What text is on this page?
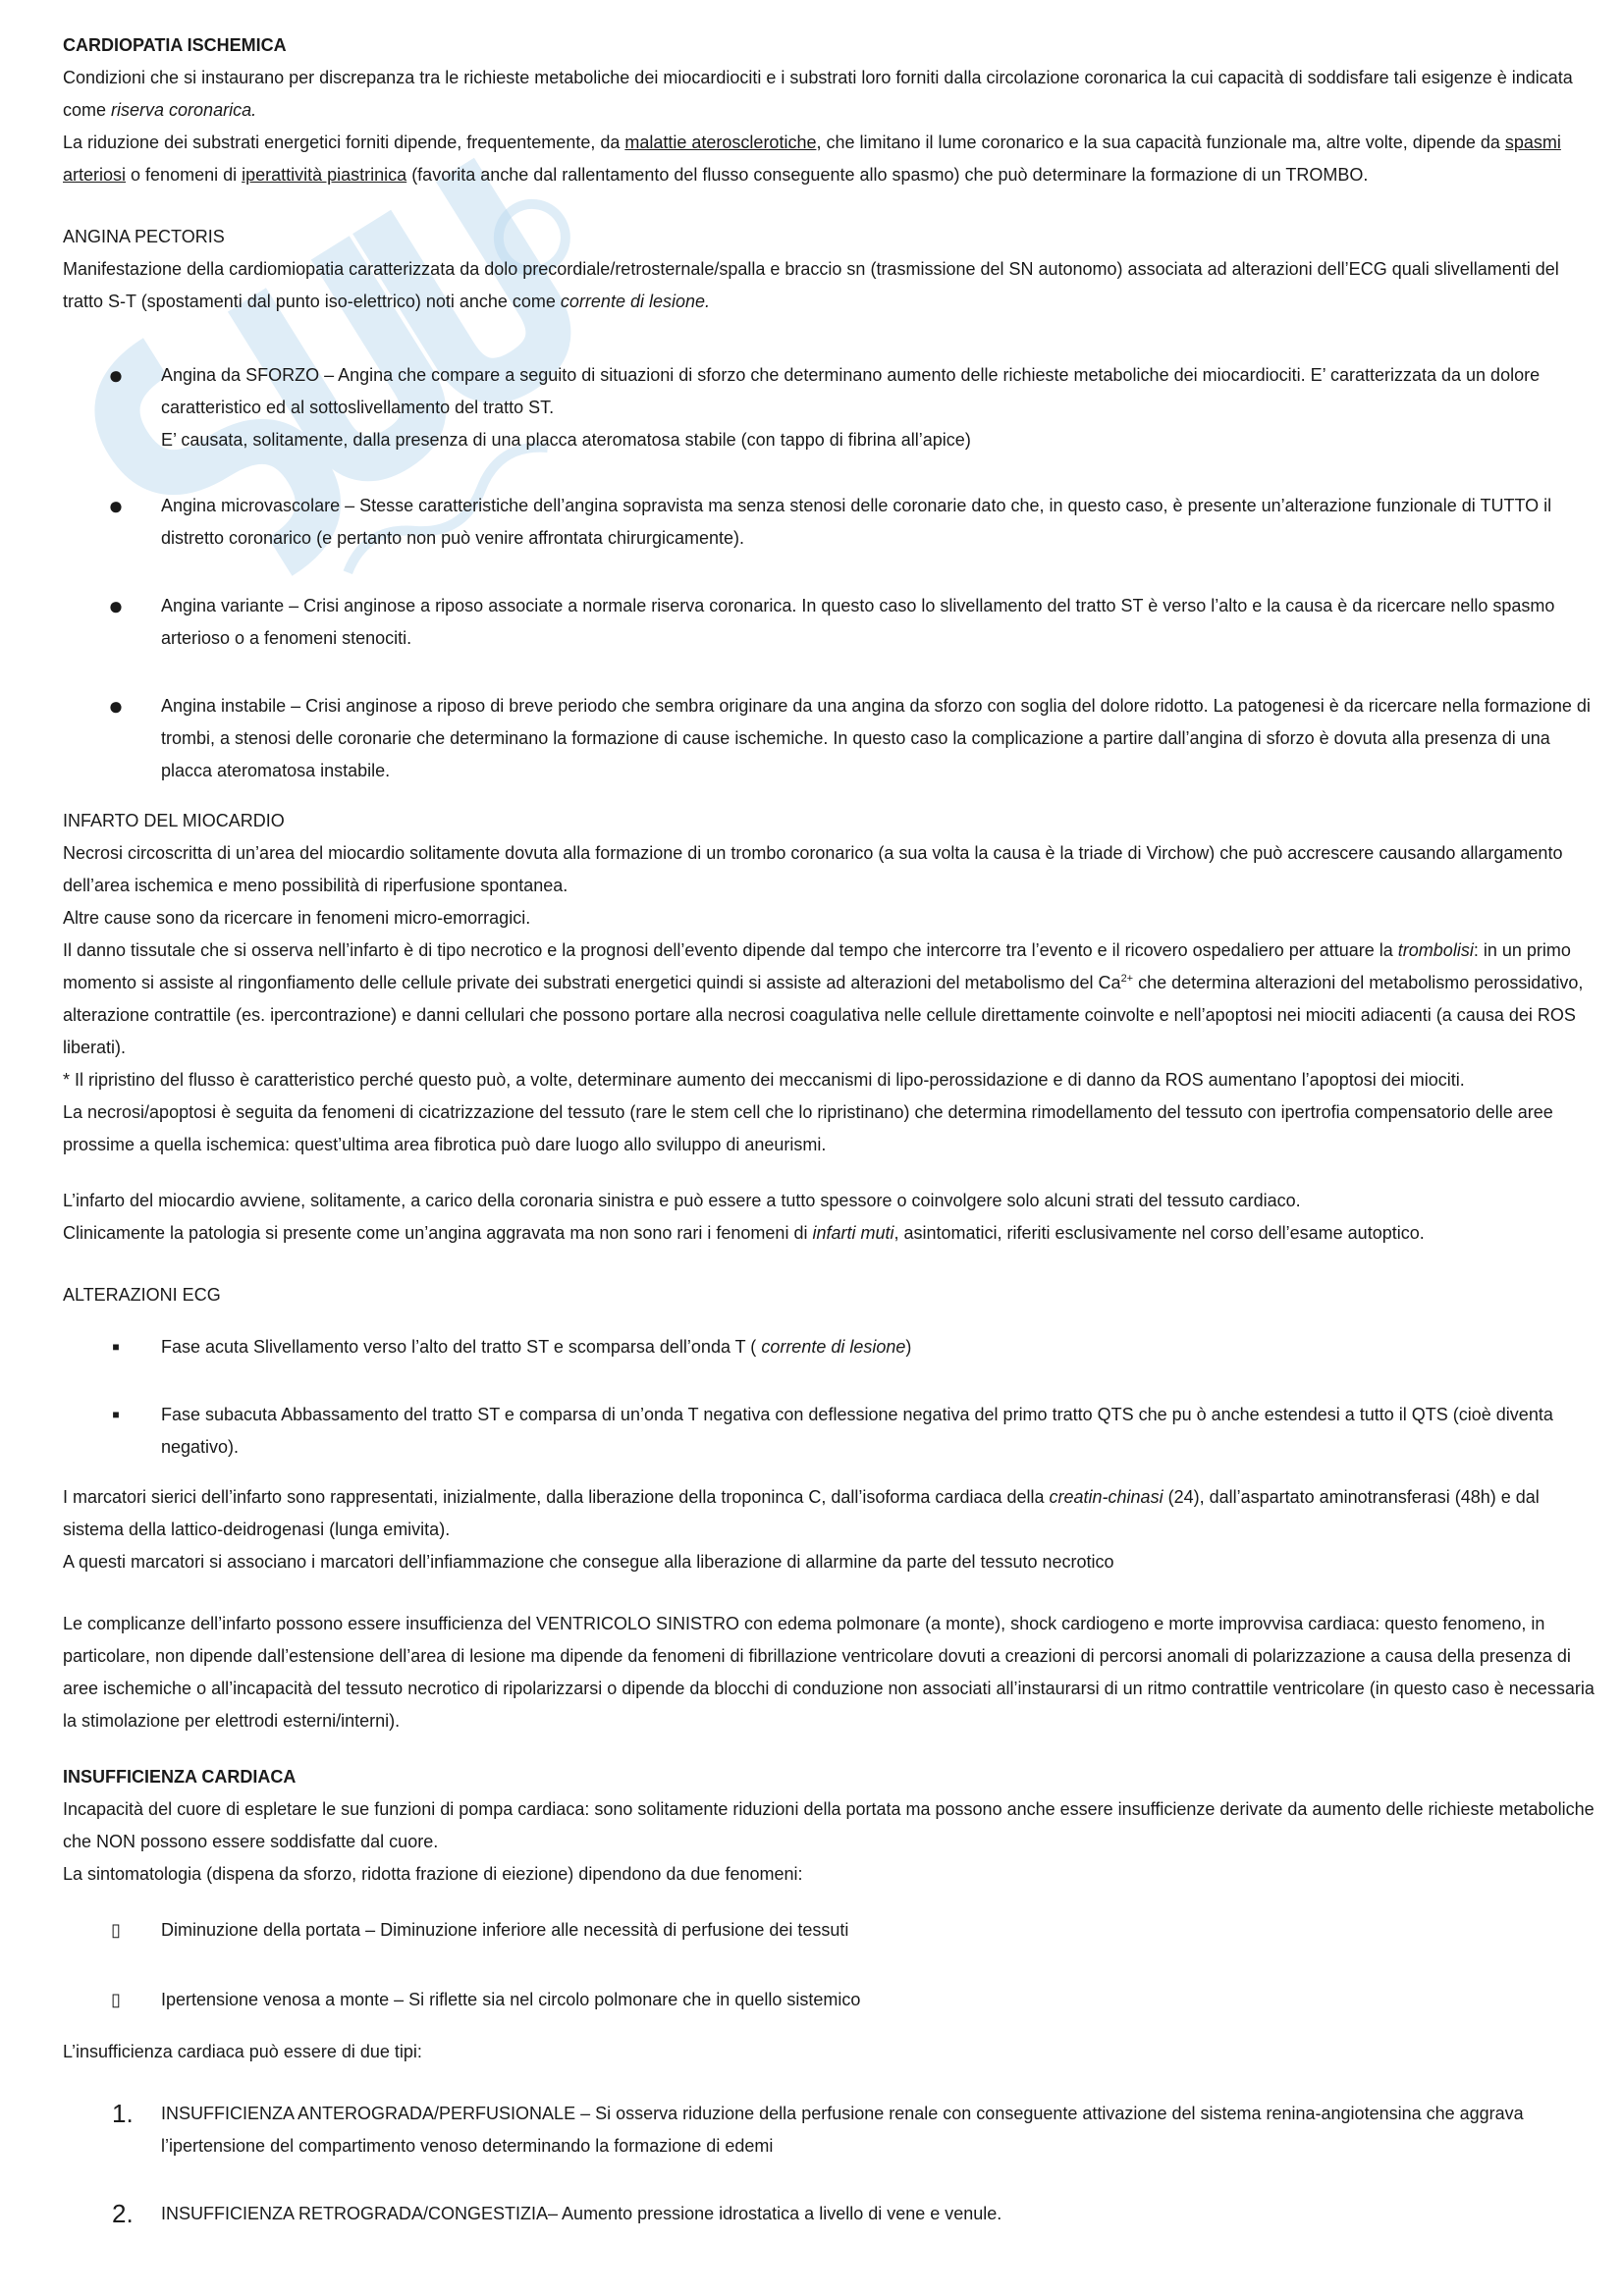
CARDIOPATIA ISCHEMICA

Condizioni che si instaurano per discrepanza tra le richieste metaboliche dei miocardiociti e i substrati loro forniti dalla circolazione coronarica la cui capacità di soddisfare tali esigenze è indicata come riserva coronarica.

La riduzione dei substrati energetici forniti dipende, frequentemente, da malattie aterosclerotiche, che limitano il lume coronarico e la sua capacità funzionale ma, altre volte, dipende da spasmi arteriosi o fenomeni di iperattività piastrinica (favorita anche dal rallentamento del flusso conseguente allo spasmo) che può determinare la formazione di un TROMBO.

ANGINA PECTORIS

Manifestazione della cardiomiopatia caratterizzata da dolo precordiale/retrosternale/spalla e braccio sn (trasmissione del SN autonomo) associata ad alterazioni dell’ECG quali slivellamenti del tratto S-T (spostamenti dal punto iso-elettrico) noti anche come corrente di lesione.

● Angina da SFORZO – Angina che compare a seguito di situazioni di sforzo che determinano aumento delle richieste metaboliche dei miocardiociti. E’ caratterizzata da un dolore caratteristico ed al sottoslivellamento del tratto ST.
E’ causata, solitamente, dalla presenza di una placca ateromatosa stabile (con tappo di fibrina all’apice)
● Angina microvascolare – Stesse caratteristiche dell’angina sopravista ma senza stenosi delle coronarie dato che, in questo caso, è presente un’alterazione funzionale di TUTTO il distretto coronarico (e pertanto non può venire affrontata chirurgicamente).
● Angina variante – Crisi anginose a riposo associate a normale riserva coronarica. In questo caso lo slivellamento del tratto ST è verso l’alto e la causa è da ricercare nello spasmo arterioso o a fenomeni stenociti.
● Angina instabile – Crisi anginose a riposo di breve periodo che sembra originare da una angina da sforzo con soglia del dolore ridotto. La patogenesi è da ricercare nella formazione di trombi, a stenosi delle coronarie che determinano la formazione di cause ischemiche. In questo caso la complicazione a partire dall’angina di sforzo è dovuta alla presenza di una placca ateromatosa instabile.
INFARTO DEL MIOCARDIO

Necrosi circoscritta di un’area del miocardio solitamente dovuta alla formazione di un trombo coronarico (a sua volta la causa è la triade di Virchow) che può accrescere causando allargamento dell’area ischemica e meno possibilità di riperfusione spontanea.

Altre cause sono da ricercare in fenomeni micro-emorragici.

Il danno tissutale che si osserva nell’infarto è di tipo necrotico e la prognosi dell’evento dipende dal tempo che intercorre tra l’evento e il ricovero ospedaliero per attuare la trombolisi: in un primo momento si assiste al ringonfiamento delle cellule private dei substrati energetici quindi si assiste ad alterazioni del metabolismo del $Ca^{2+}$ che determina alterazioni del metabolismo perossidativo, alterazione contrattile (es. ipercontrazione) e danni cellulari che possono portare alla necrosi coagulativa nelle cellule direttamente coinvolte e nell’apoptosi nei miociti adiacenti (a causa dei ROS liberati).

* Il ripristino del flusso è caratteristico perché questo può, a volte, determinare aumento dei meccanismi di lipo-perossidazione e di danno da ROS aumentano l’apoptosi dei miociti.

La necrosi/apoptosi è seguita da fenomeni di cicatrizzazione del tessuto (rare le stem cell che lo ripristinano) che determina rimodellamento del tessuto con ipertrofia compensatorio delle aree prossime a quella ischemica: quest’ultima area fibrotica può dare luogo allo sviluppo di aneurismi.

L’infarto del miocardio avviene, solitamente, a carico della coronaria sinistra e può essere a tutto spessore o coinvolgere solo alcuni strati del tessuto cardiaco.

Clinicamente la patologia si presente come un’angina aggravata ma non sono rari i fenomeni di infarti muti, asintomatici, riferiti esclusivamente nel corso dell’esame autoptico.

ALTERAZIONI ECG
■	Fase acuta Slivellamento verso l’alto del tratto ST e scomparsa dell’onda T ( corrente di lesione)
■	Fase subacuta Abbassamento del tratto ST e comparsa di un’onda T negativa con deflessione negativa del primo tratto QTS che pu ò anche estendesi a tutto il QTS (cioè diventa negativo).

I marcatori sierici dell’infarto sono rappresentati, inizialmente, dalla liberazione della troponinca C, dall’isoforma cardiaca della creatin-chinasi (24), dall’aspartato aminotransferasi (48h) e dal sistema della lattico-deidrogenasi (lunga emivita).

A questi marcatori si associano i marcatori dell’infiammazione che consegue alla liberazione di allarmine da parte del tessuto necrotico

Le complicanze dell’infarto possono essere insufficienza del VENTRICOLO SINISTRO con edema polmonare (a monte), shock cardiogeno e morte improvvisa cardiaca: questo fenomeno, in particolare, non dipende dall’estensione dell’area di lesione ma dipende da fenomeni di fibrillazione ventricolare dovuti a creazioni di percorsi anomali di polarizzazione a causa della presenza di aree ischemiche o all’incapacità del tessuto necrotico di ripolarizzarsi o dipende da blocchi di conduzione non associati all’instaurarsi di un ritmo contrattile ventricolare (in questo caso è necessaria la stimolazione per elettrodi esterni/interni).

INSUFFICIENZA CARDIACA

Incapacità del cuore di espletare le sue funzioni di pompa cardiaca: sono solitamente riduzioni della portata ma possono anche essere insufficienze derivate da aumento delle richieste metaboliche che NON possono essere soddisfatte dal cuore.

La sintomatologia (dispena da sforzo, ridotta frazione di eiezione) dipendono da due fenomeni:

▯ Diminuzione della portata – Diminuzione inferiore alle necessità di perfusione dei tessuti
▯ Ipertensione venosa a monte – Si riflette sia nel circolo polmonare che in quello sistemico

L’insufficienza cardiaca può essere di due tipi:

1. INSUFFICIENZA ANTEROGRADA/PERFUSIONALE – Si osserva riduzione della perfusione renale con conseguente attivazione del sistema renina-angiotensina che aggrava l’ipertensione del compartimento venoso determinando la formazione di edemi
2. INSUFFICIENZA RETROGRADA/CONGESTIZIA– Aumento pressione idrostatica a livello di vene e venule.
